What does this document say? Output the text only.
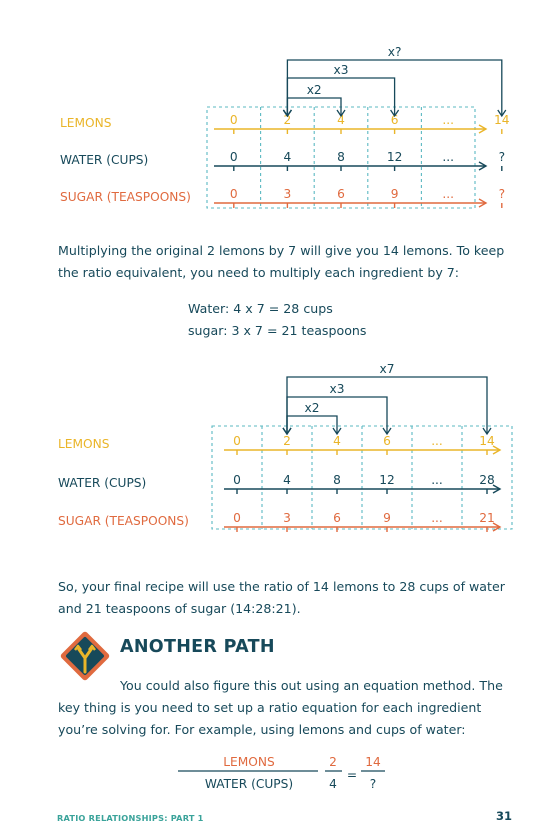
LEMONS	0	2	4	6	...	14
WATER (CUPS)	0	4	8	12	...	?
SUGAR (TEASPOONS)	0	3	6	9	...	?
x2
x3
x?

Multiplying the original 2 lemons by 7 will give you 14 lemons. To keep the ratio equivalent, you need to multiply each ingredient by 7:

Water: 4 x 7 = 28 cups
sugar: 3 x 7 = 21 teaspoons
LEMONS	0	2	4	6	...	14
WATER (CUPS)	0	4	8	12	...	28
SUGAR (TEASPOONS)	0	3	6	9	...	21
x2
x3
x7

So, your final recipe will use the ratio of 14 lemons to 28 cups of water and 21 teaspoons of sugar (14:28:21).

ANOTHER PATH

You could also figure this out using an equation method. The key thing is you need to set up a ratio equation for each ingredient you’re solving for. For example, using lemons and cups of water:

LEMONS
WATER (CUPS)
2
4
=
14
?
RATIO RELATIONSHIPS: PART 1	31
